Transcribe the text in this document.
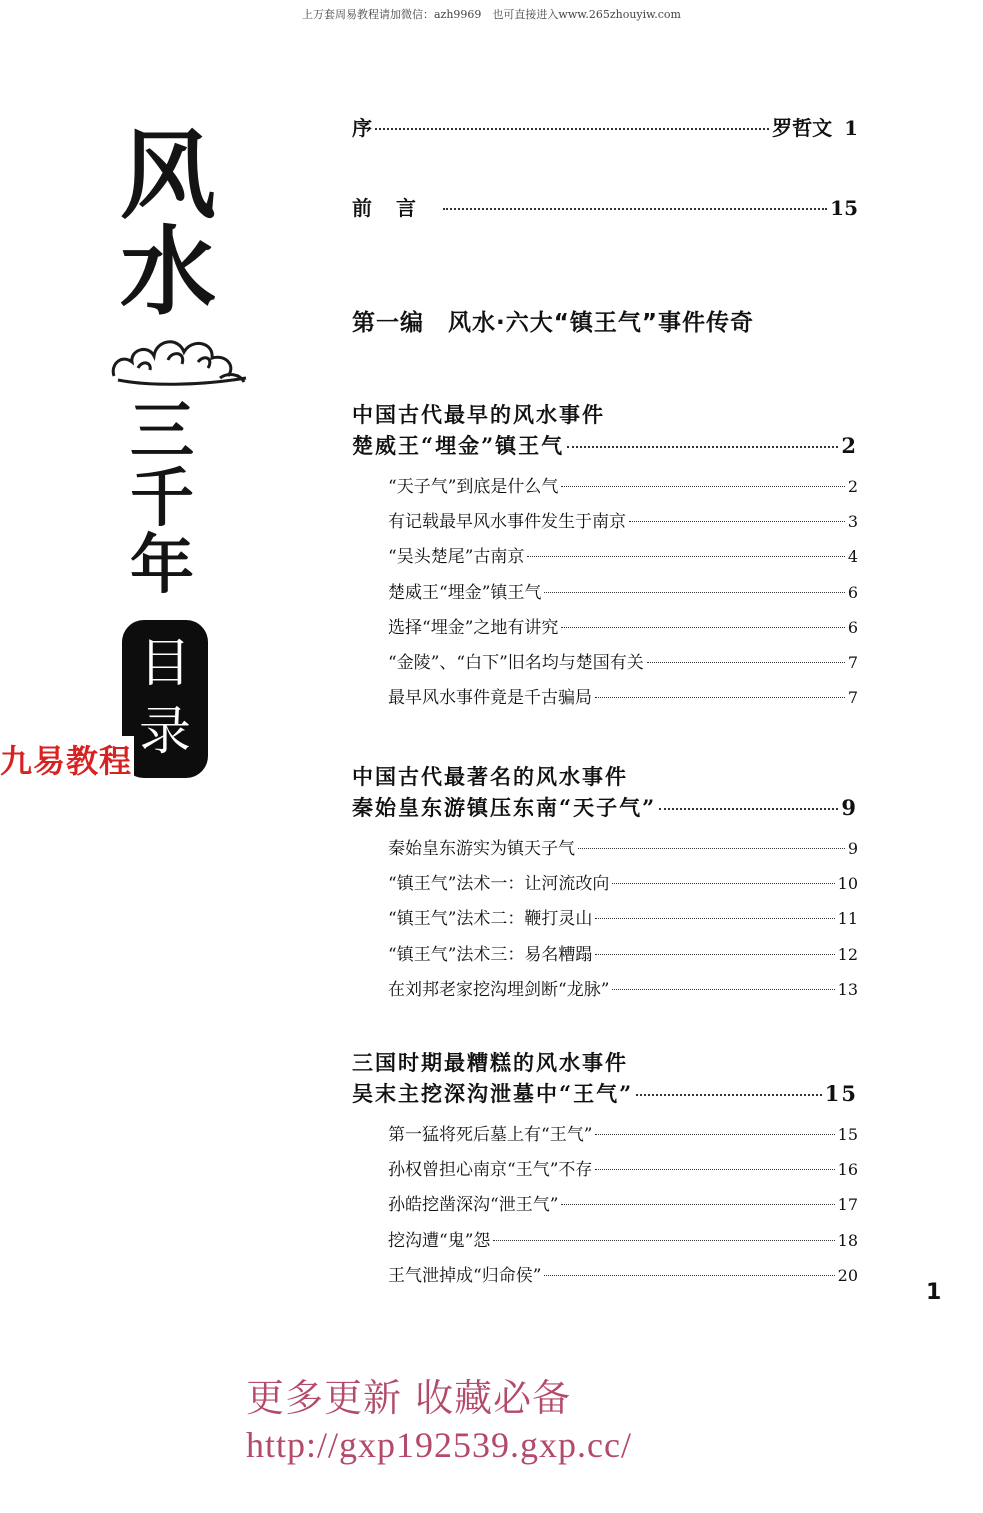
上万套周易教程请加微信：azh9969　也可直接进入www.265zhouyiw.com
风
水
三
千
年
目
录
九易教程
序	罗哲文 1
前言	15
第一编　风水·六大“镇王气”事件传奇
中国古代最早的风水事件
楚威王“埋金”镇王气	2
“天子气”到底是什么气	2
有记载最早风水事件发生于南京	3
“吴头楚尾”古南京	4
楚威王“埋金”镇王气	6
选择“埋金”之地有讲究	6
“金陵”、“白下”旧名均与楚国有关	7
最早风水事件竟是千古骗局	7
中国古代最著名的风水事件
秦始皇东游镇压东南“天子气”	9
秦始皇东游实为镇天子气	9
“镇王气”法术一：让河流改向	10
“镇王气”法术二：鞭打灵山	11
“镇王气”法术三：易名糟蹋	12
在刘邦老家挖沟埋剑断“龙脉”	13
三国时期最糟糕的风水事件
吴末主挖深沟泄墓中“王气”	15
第一猛将死后墓上有“王气”	15
孙权曾担心南京“王气”不存	16
孙皓挖凿深沟“泄王气”	17
挖沟遭“鬼”怨	18
王气泄掉成“归命侯”	20
1
更多更新 收藏必备
http://gxp192539.gxp.cc/
